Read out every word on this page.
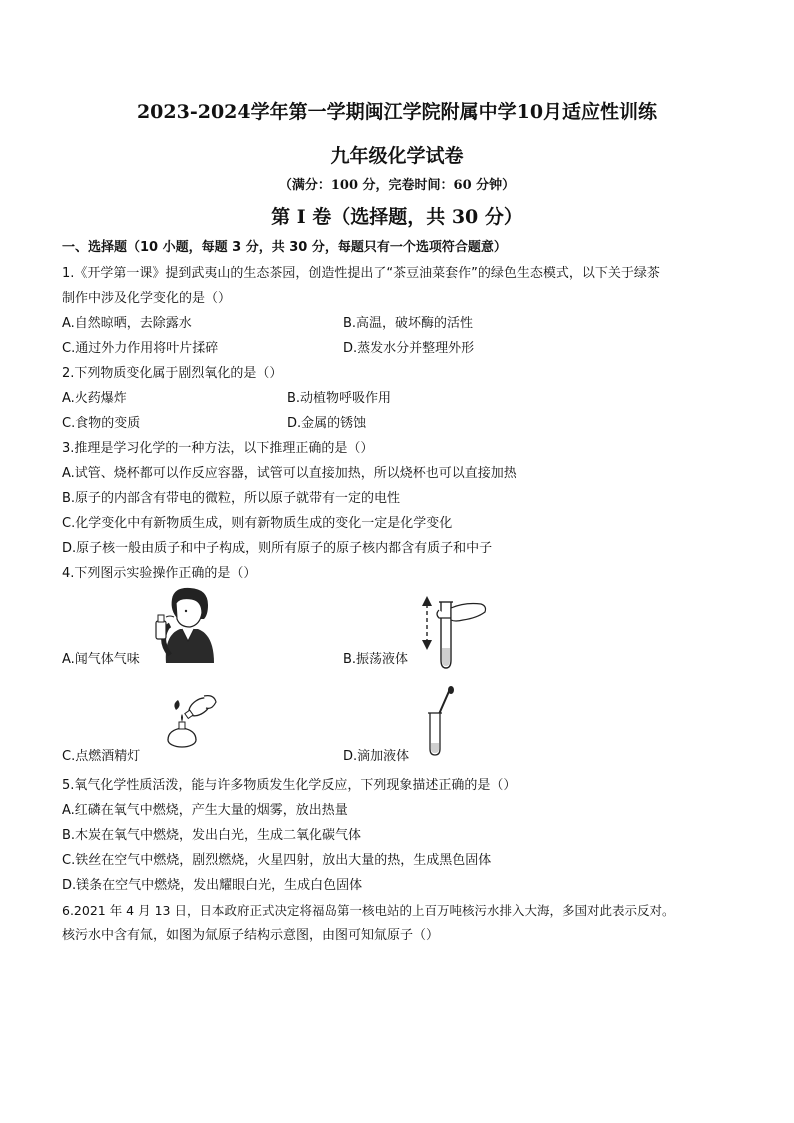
2023-2024学年第一学期闽江学院附属中学10月适应性训练
九年级化学试卷
（满分：100 分，完卷时间：60 分钟）
第 I 卷（选择题，共 30 分）
一、选择题（10 小题，每题 3 分，共 30 分，每题只有一个选项符合题意）
1.《开学第一课》提到武夷山的生态茶园，创造性提出了“茶豆油菜套作”的绿色生态模式，以下关于绿茶
制作中涉及化学变化的是（）
A.自然晾晒，去除露水	B.高温，破坏酶的活性
C.通过外力作用将叶片揉碎	D.蒸发水分并整理外形
2.下列物质变化属于剧烈氧化的是（）
A.火药爆炸	B.动植物呼吸作用
C.食物的变质	D.金属的锈蚀
3.推理是学习化学的一种方法，以下推理正确的是（）
A.试管、烧杯都可以作反应容器，试管可以直接加热，所以烧杯也可以直接加热
B.原子的内部含有带电的微粒，所以原子就带有一定的电性
C.化学变化中有新物质生成，则有新物质生成的变化一定是化学变化
D.原子核一般由质子和中子构成，则所有原子的原子核内都含有质子和中子
4.下列图示实验操作正确的是（）
A.闻气体气味	B.振荡液体
C.点燃酒精灯	D.滴加液体
5.氧气化学性质活泼，能与许多物质发生化学反应，下列现象描述正确的是（）
A.红磷在氧气中燃烧，产生大量的烟雾，放出热量
B.木炭在氧气中燃烧，发出白光，生成二氧化碳气体
C.铁丝在空气中燃烧，剧烈燃烧，火星四射，放出大量的热，生成黑色固体
D.镁条在空气中燃烧，发出耀眼白光，生成白色固体
6.2021 年 4 月 13 日，日本政府正式决定将福岛第一核电站的上百万吨核污水排入大海，多国对此表示反对。
核污水中含有氚，如图为氚原子结构示意图，由图可知氚原子（）
